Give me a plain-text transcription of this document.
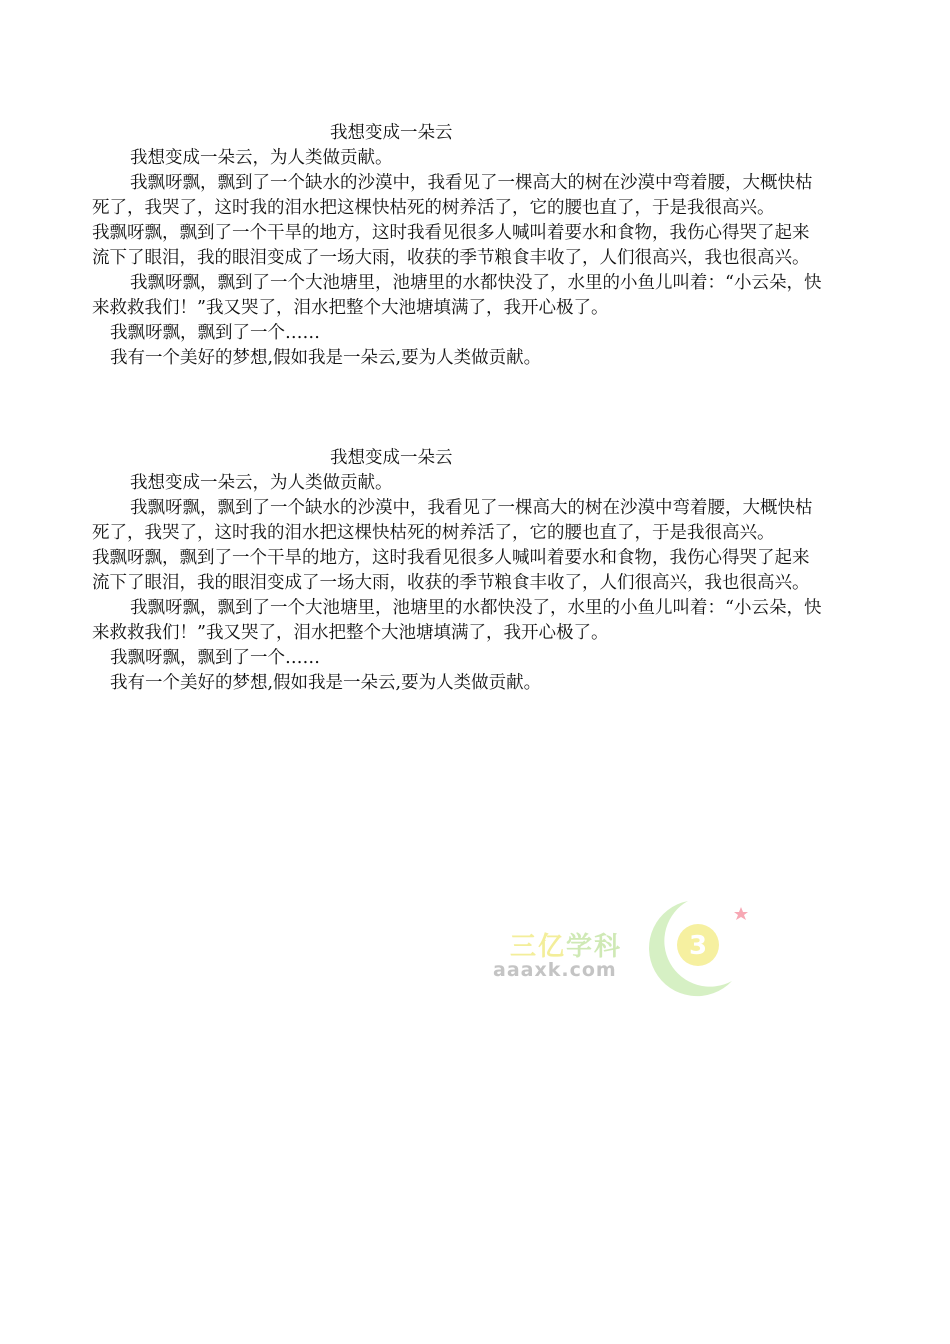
我想变成一朵云
我想变成一朵云，为人类做贡献。
我飘呀飘，飘到了一个缺水的沙漠中，我看见了一棵高大的树在沙漠中弯着腰，大概快枯
死了，我哭了，这时我的泪水把这棵快枯死的树养活了，它的腰也直了，于是我很高兴。
我飘呀飘，飘到了一个干旱的地方，这时我看见很多人喊叫着要水和食物，我伤心得哭了起来
流下了眼泪，我的眼泪变成了一场大雨，收获的季节粮食丰收了，人们很高兴，我也很高兴。
我飘呀飘，飘到了一个大池塘里，池塘里的水都快没了，水里的小鱼儿叫着：“小云朵，快
来救救我们！”我又哭了，泪水把整个大池塘填满了，我开心极了。
我飘呀飘，飘到了一个……
我有一个美好的梦想,假如我是一朵云,要为人类做贡献。
我想变成一朵云
我想变成一朵云，为人类做贡献。
我飘呀飘，飘到了一个缺水的沙漠中，我看见了一棵高大的树在沙漠中弯着腰，大概快枯
死了，我哭了，这时我的泪水把这棵快枯死的树养活了，它的腰也直了，于是我很高兴。
我飘呀飘，飘到了一个干旱的地方，这时我看见很多人喊叫着要水和食物，我伤心得哭了起来
流下了眼泪，我的眼泪变成了一场大雨，收获的季节粮食丰收了，人们很高兴，我也很高兴。
我飘呀飘，飘到了一个大池塘里，池塘里的水都快没了，水里的小鱼儿叫着：“小云朵，快
来救救我们！”我又哭了，泪水把整个大池塘填满了，我开心极了。
我飘呀飘，飘到了一个……
我有一个美好的梦想,假如我是一朵云,要为人类做贡献。
三亿学科
aaaxk.com
3
